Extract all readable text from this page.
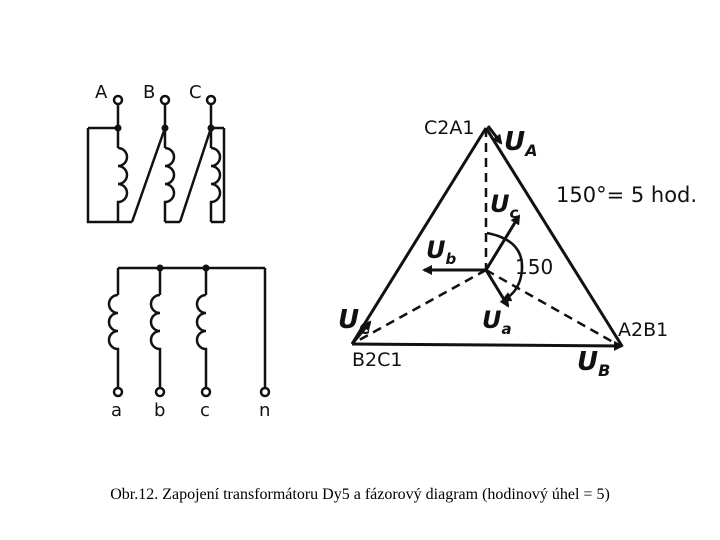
A B C
a b c	n
C2A1
A2B1
B2C1
$U_A$
$U_B$
$U_C$
$U_b$
$U_c$
$U_a$
150
150°= 5 hod.
Obr.12. Zapojení transformátoru Dy5 a fázorový diagram (hodinový úhel = 5)
